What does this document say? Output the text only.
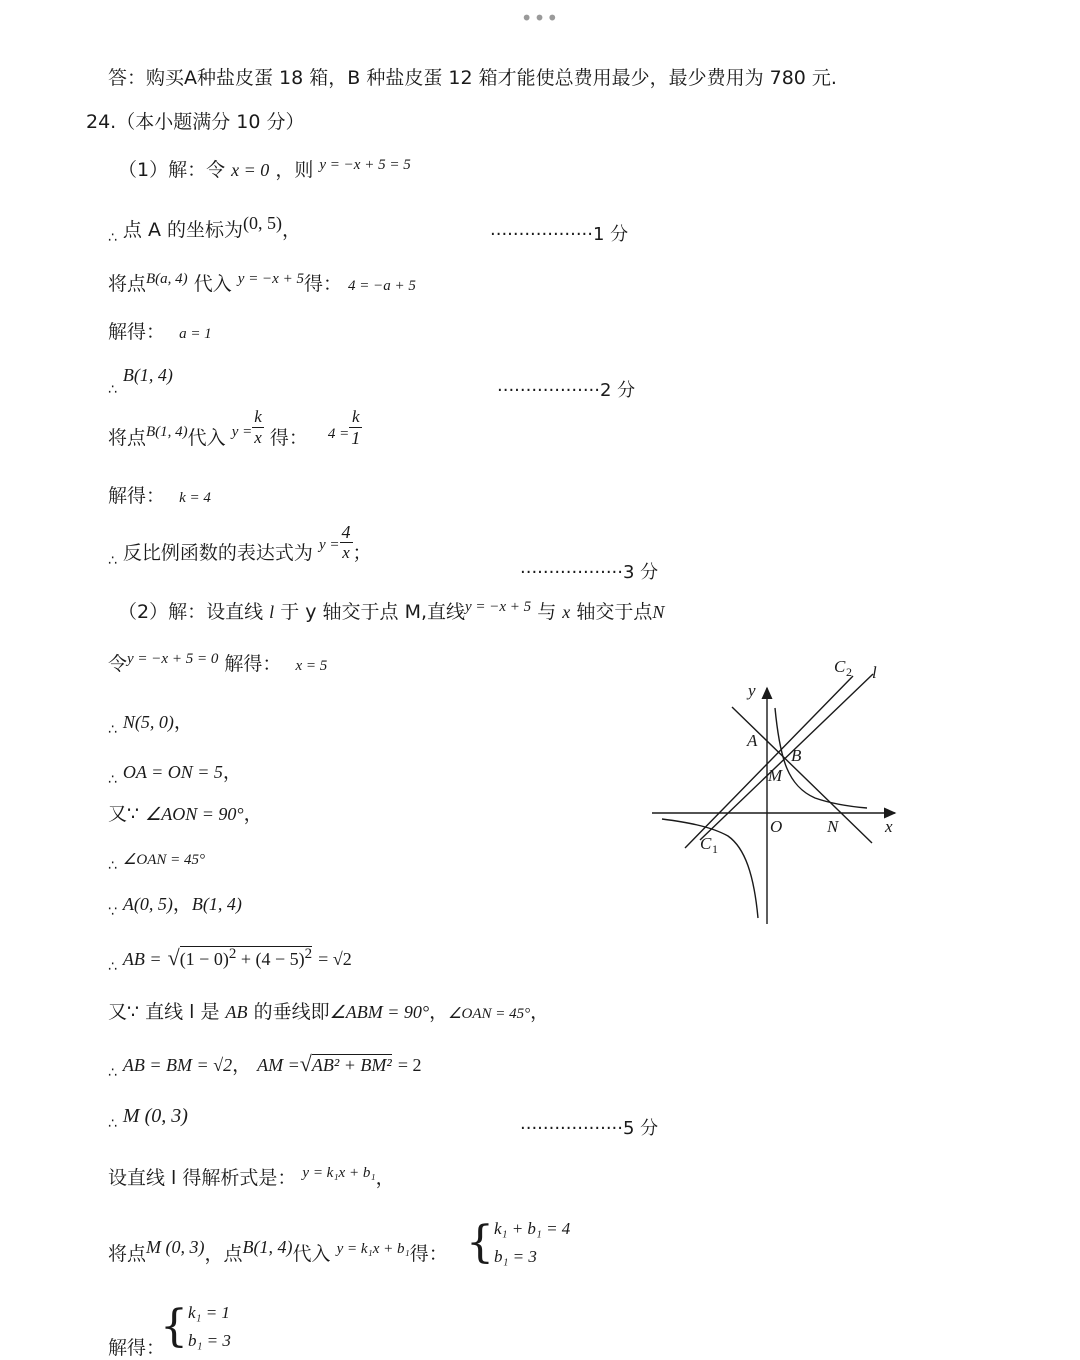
•••
答：购买A种盐皮蛋 18 箱，B 种盐皮蛋 12 箱才能使总费用最少，最少费用为 780 元.
24.（本小题满分 10 分）
（1）解：令 x = 0 ，则 $^{y = -x + 5 = 5}$
$_\therefore$ 点 A 的坐标为(0, 5)，	··················1 分
将点$^{B(a, 4)}$ 代入 $^{y = -x + 5}$得： 4 = −a + 5
解得： a = 1
$_\therefore$B(1, 4)
··················2 分
将点$^{B(1, 4)}$代入 $^{y =} \frac{k}{x}$ 得： $^{4 =} \frac{k}{1}$
解得： k = 4
$_\therefore$ 反比例函数的表达式为 $^{y =} \frac{4}{x}$ ；
··················3 分
（2）解：设直线 l 于 y 轴交于点 M,直线$^{y = -x + 5}$ 与 x 轴交于点N
令$^{y = -x + 5 = 0}$ 解得： x = 5
$_\therefore$ N(5, 0)，
$_\therefore$ OA = ON = 5，
又∵ ∠AON = 90°，
$_\therefore$ ∠OAN = 45°
$_\because$ A(0, 5)，B(1, 4)
$_\therefore$ AB = $√(1 - 0)^2 + (4 - 5)^2 = √2$
又∵ 直线 l 是 AB 的垂线即∠ABM = 90°，∠OAN = 45°，
$_\therefore$ AB = BM = √2， AM =√AB² + BM² = 2
$_\therefore$ M (0, 3)
··················5 分
设直线 l 得解析式是： $^{y = k_1x + b_1}$，
将点M (0, 3)，点B(1, 4)代入 $^{y = k_1x + b_1}$得： { k₁ + b₁ = 4
b₁ = 3
解得：
{ k₁ = 1
b₁ = 3
y
x
O
A
B
M
N
C 1
C 2 l
